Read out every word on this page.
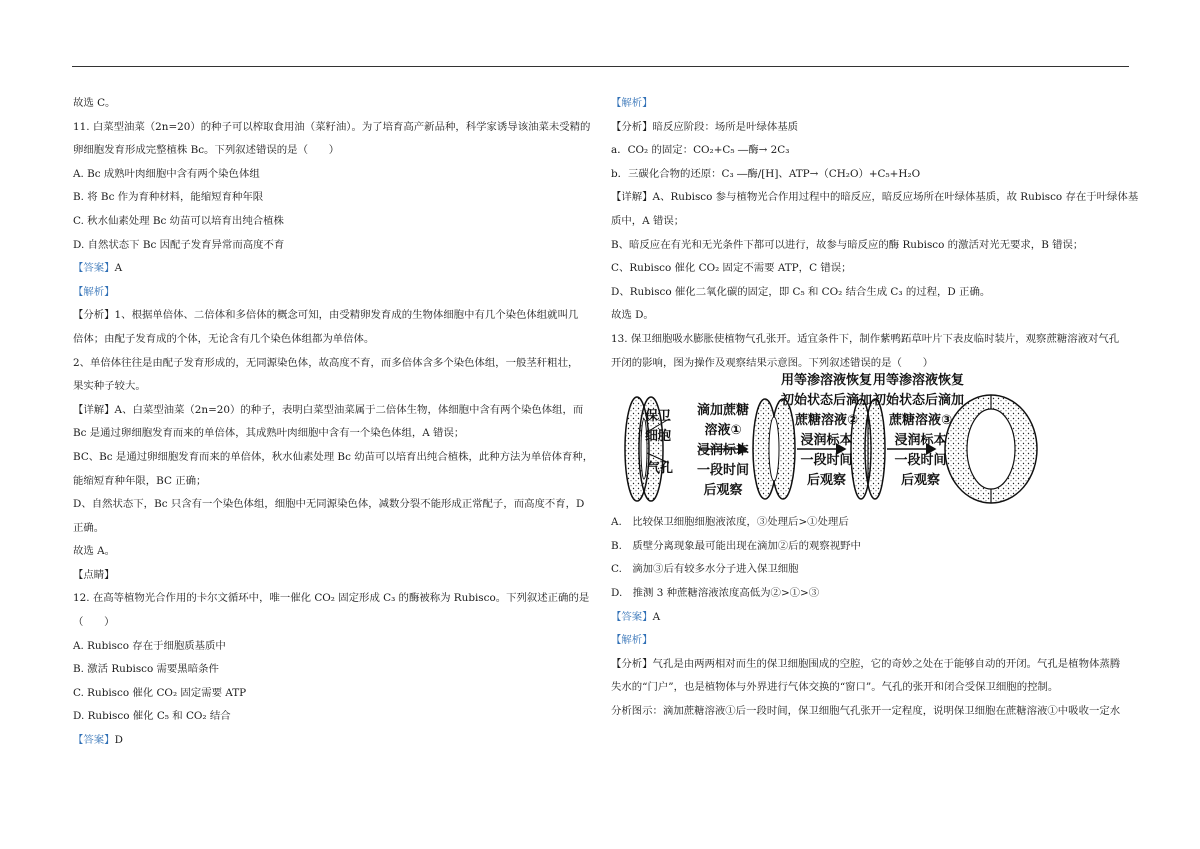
故选 C。
11. 白菜型油菜（2n=20）的种子可以榨取食用油（菜籽油）。为了培育高产新品种，科学家诱导该油菜未受精的
卵细胞发育形成完整植株 Bc。下列叙述错误的是（　　）
A. Bc 成熟叶肉细胞中含有两个染色体组
B. 将 Bc 作为育种材料，能缩短育种年限
C. 秋水仙素处理 Bc 幼苗可以培育出纯合植株
D. 自然状态下 Bc 因配子发育异常而高度不育
【答案】A
【解析】
【分析】1、根据单倍体、二倍体和多倍体的概念可知，由受精卵发育成的生物体细胞中有几个染色体组就叫几
倍体；由配子发育成的个体，无论含有几个染色体组都为单倍体。
2、单倍体往往是由配子发育形成的，无同源染色体，故高度不育，而多倍体含多个染色体组，一般茎秆粗壮，
果实种子较大。
【详解】A、白菜型油菜（2n=20）的种子，表明白菜型油菜属于二倍体生物，体细胞中含有两个染色体组，而
Bc 是通过卵细胞发育而来的单倍体，其成熟叶肉细胞中含有一个染色体组，A 错误；
BC、Bc 是通过卵细胞发育而来的单倍体，秋水仙素处理 Bc 幼苗可以培育出纯合植株，此种方法为单倍体育种，
能缩短育种年限，BC 正确；
D、自然状态下，Bc 只含有一个染色体组，细胞中无同源染色体，减数分裂不能形成正常配子，而高度不育，D
正确。
故选 A。
【点睛】
12. 在高等植物光合作用的卡尔文循环中，唯一催化 CO₂ 固定形成 C₃ 的酶被称为 Rubisco。下列叙述正确的是
（　　）
A. Rubisco 存在于细胞质基质中
B. 激活 Rubisco 需要黑暗条件
C. Rubisco 催化 CO₂ 固定需要 ATP
D. Rubisco 催化 C₅ 和 CO₂ 结合
【答案】D
【解析】
【分析】暗反应阶段：场所是叶绿体基质
a．CO₂ 的固定：CO₂+C₅ ―酶→ 2C₃
b．三碳化合物的还原：C₃ ―酶/[H]、ATP→（CH₂O）+C₅+H₂O
【详解】A、Rubisco 参与植物光合作用过程中的暗反应，暗反应场所在叶绿体基质，故 Rubisco 存在于叶绿体基
质中，A 错误；
B、暗反应在有光和无光条件下都可以进行，故参与暗反应的酶 Rubisco 的激活对光无要求，B 错误；
C、Rubisco 催化 CO₂ 固定不需要 ATP，C 错误；
D、Rubisco 催化二氧化碳的固定，即 C₅ 和 CO₂ 结合生成 C₃ 的过程，D 正确。
故选 D。
13. 保卫细胞吸水膨胀使植物气孔张开。适宜条件下，制作紫鸭跖草叶片下表皮临时装片，观察蔗糖溶液对气孔
开闭的影响，图为操作及观察结果示意图。下列叙述错误的是（　　）
保卫
细胞
气孔
滴加蔗糖
溶液①
浸润标本
一段时间
后观察
用等渗溶液恢复
初始状态后滴加
蔗糖溶液②
浸润标本
一段时间
后观察
用等渗溶液恢复
初始状态后滴加
蔗糖溶液③
浸润标本
一段时间
后观察
A.　比较保卫细胞细胞液浓度，③处理后>①处理后
B.　质壁分离现象最可能出现在滴加②后的观察视野中
C.　滴加③后有较多水分子进入保卫细胞
D.　推测 3 种蔗糖溶液浓度高低为②>①>③
【答案】A
【解析】
【分析】气孔是由两两相对而生的保卫细胞围成的空腔，它的奇妙之处在于能够自动的开闭。气孔是植物体蒸腾
失水的“门户”，也是植物体与外界进行气体交换的“窗口”。气孔的张开和闭合受保卫细胞的控制。
分析图示：滴加蔗糖溶液①后一段时间，保卫细胞气孔张开一定程度，说明保卫细胞在蔗糖溶液①中吸收一定水
